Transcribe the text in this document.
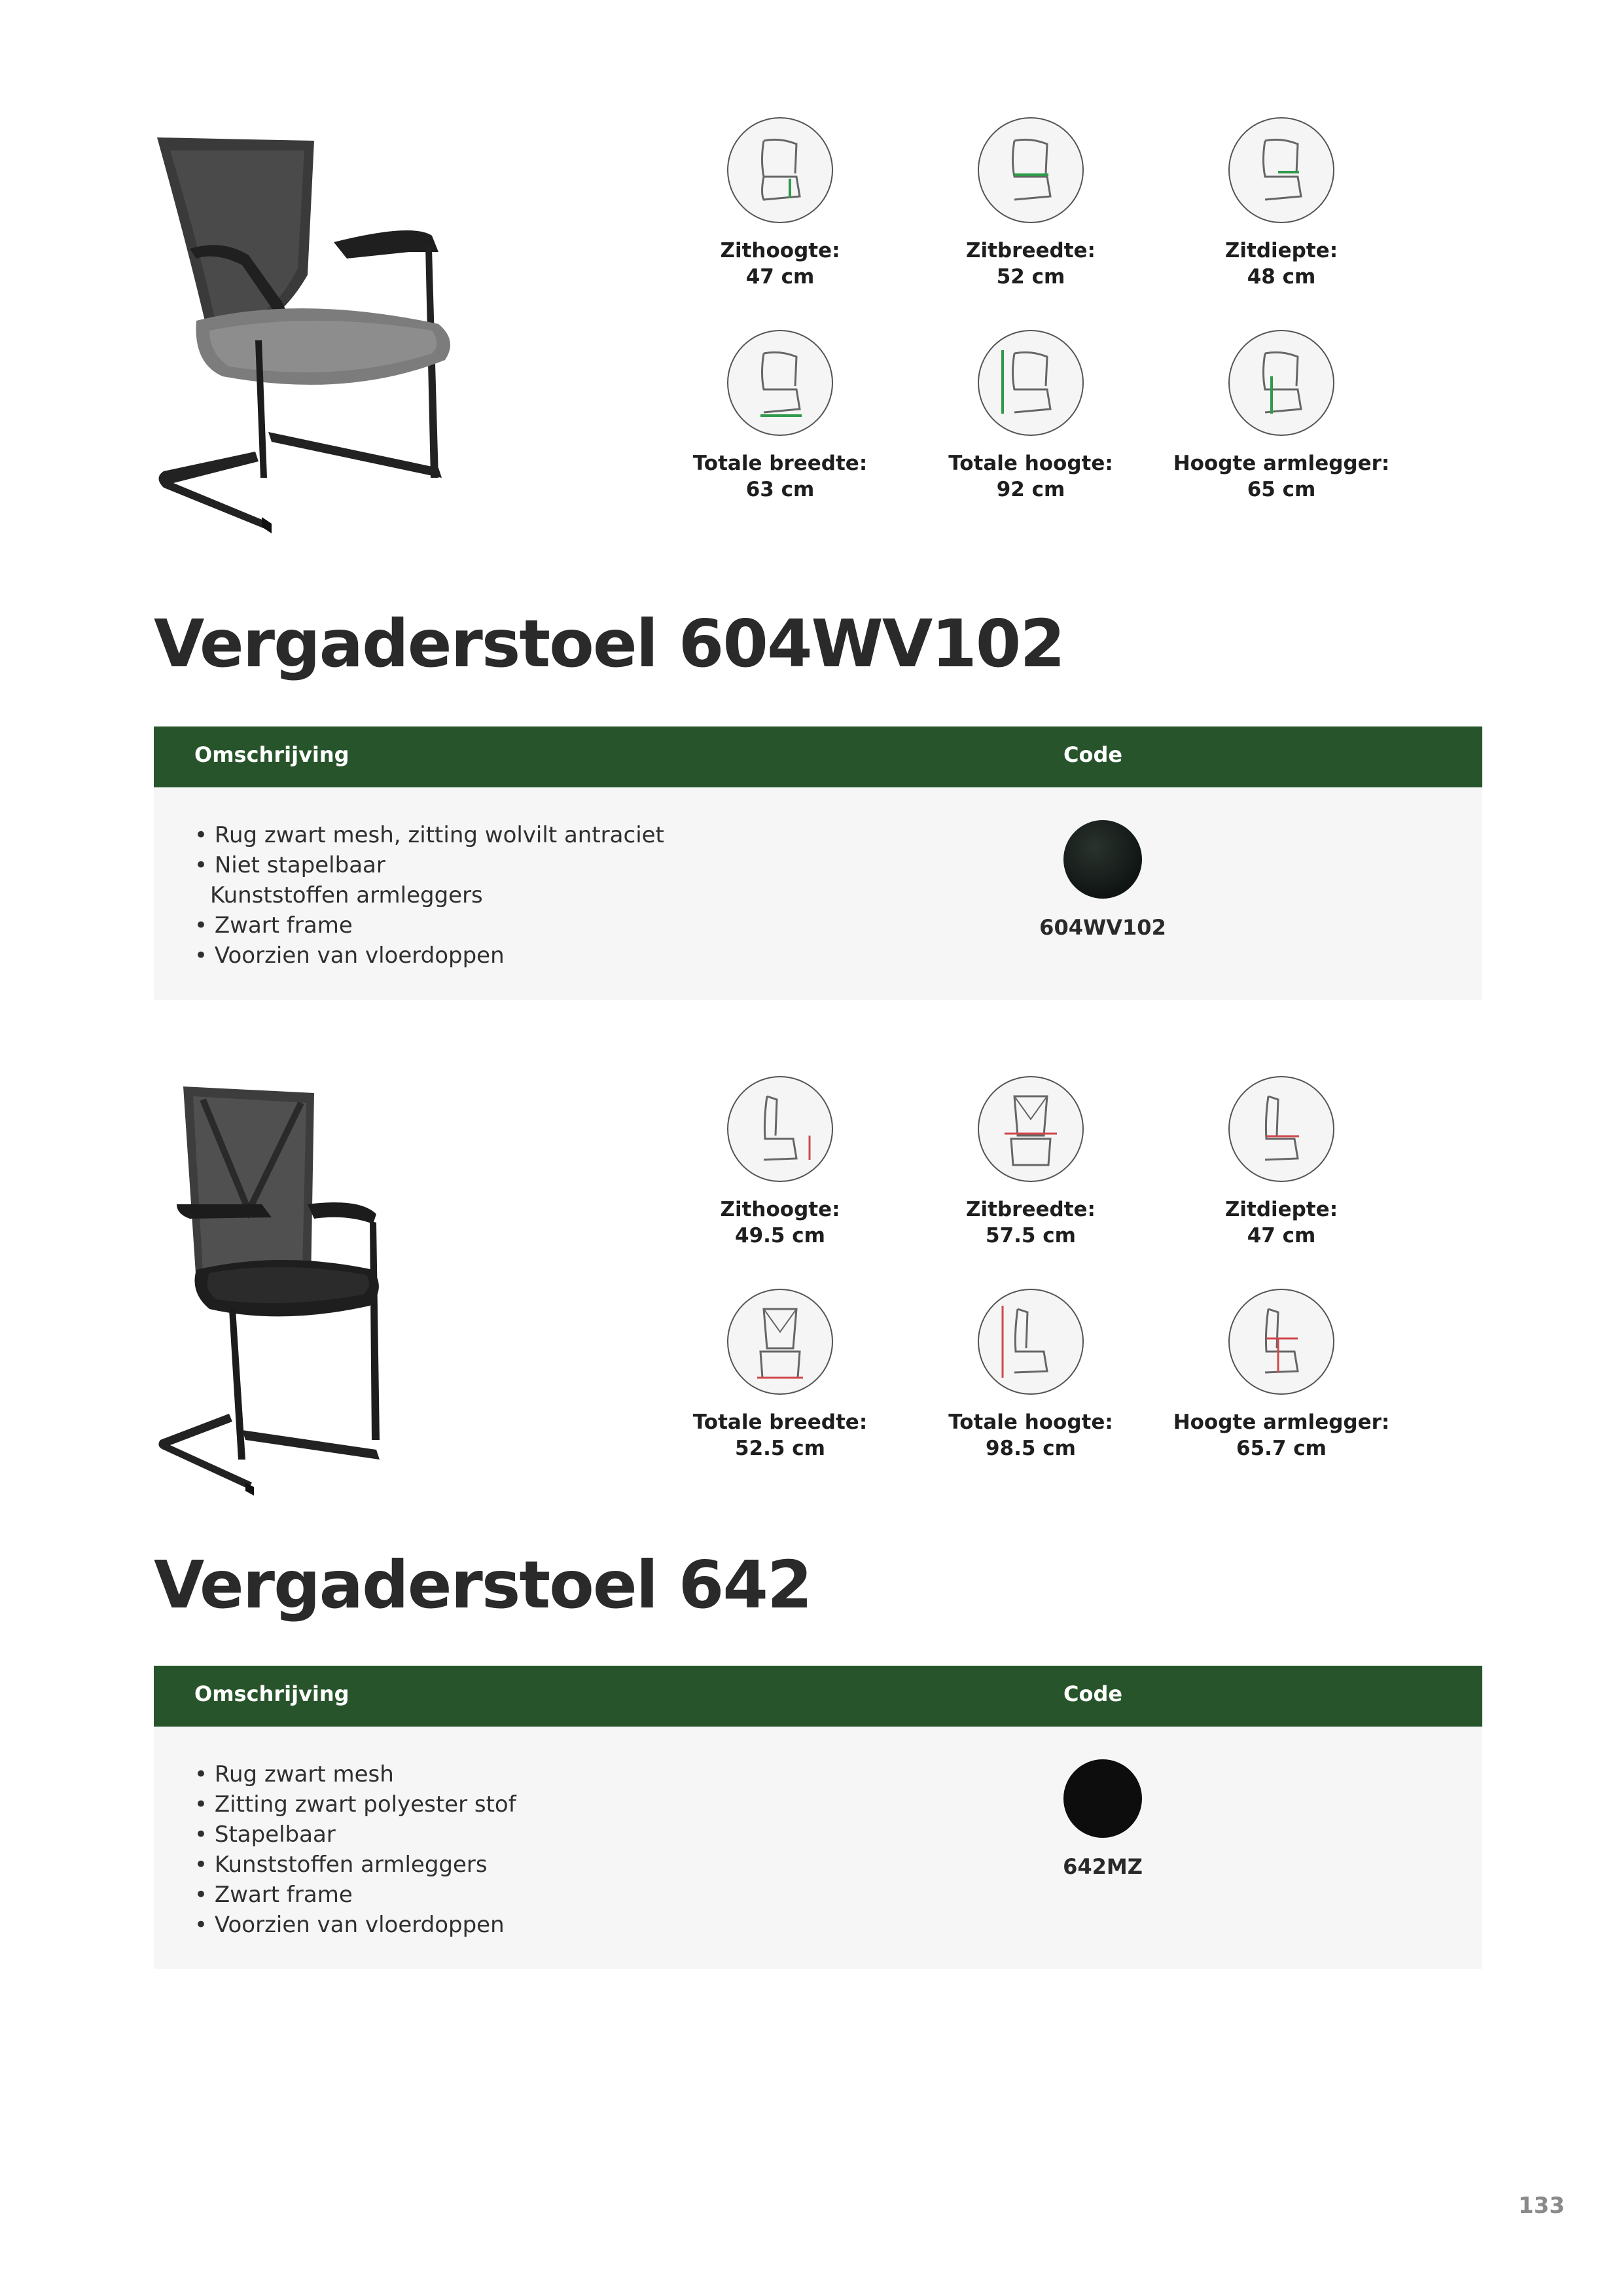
Zithoogte:
47 cm
Zitbreedte:
52 cm
Zitdiepte:
48 cm
Totale breedte:
63 cm
Totale hoogte:
92 cm
Hoogte armlegger:
65 cm
Vergaderstoel 604WV102
Omschrijving	Code
• Rug zwart mesh, zitting wolvilt antraciet
• Niet stapelbaar
Kunststoffen armleggers
• Zwart frame
• Voorzien van vloerdoppen
604WV102
Zithoogte:
49.5 cm
Zitbreedte:
57.5 cm
Zitdiepte:
47 cm
Totale breedte:
52.5 cm
Totale hoogte:
98.5 cm
Hoogte armlegger:
65.7 cm
Vergaderstoel 642
Omschrijving	Code
• Rug zwart mesh
• Zitting zwart polyester stof
• Stapelbaar
• Kunststoffen armleggers
• Zwart frame
• Voorzien van vloerdoppen
642MZ
133
